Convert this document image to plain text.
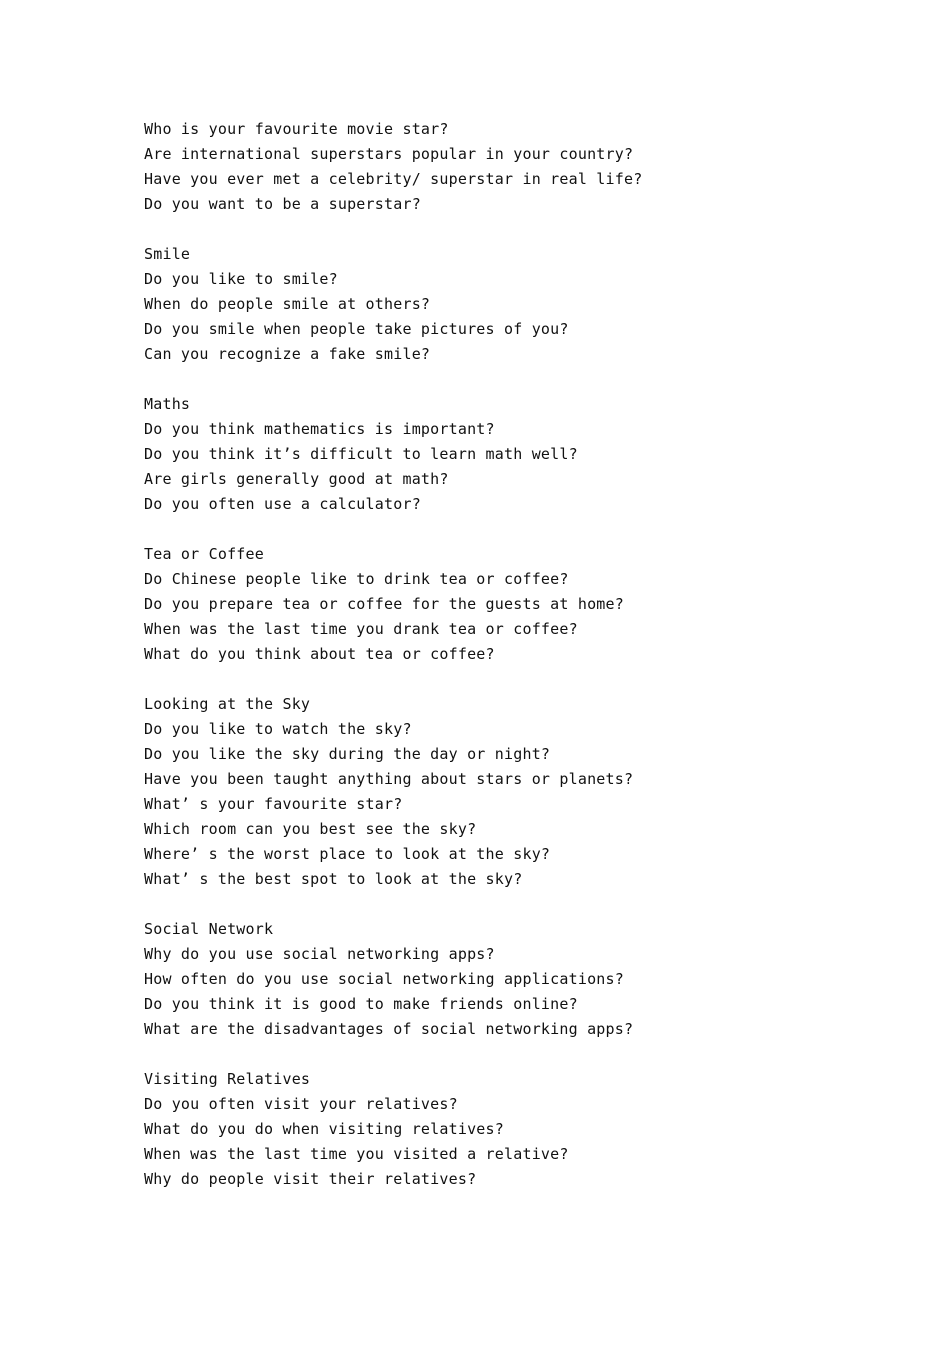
Who is your favourite movie star?
Are international superstars popular in your country?
Have you ever met a celebrity/ superstar in real life?
Do you want to be a superstar?
Smile
Do you like to smile?
When do people smile at others?
Do you smile when people take pictures of you?
Can you recognize a fake smile?
Maths
Do you think mathematics is important?
Do you think it’s difficult to learn math well?
Are girls generally good at math?
Do you often use a calculator?
Tea or Coffee
Do Chinese people like to drink tea or coffee?
Do you prepare tea or coffee for the guests at home?
When was the last time you drank tea or coffee?
What do you think about tea or coffee?
Looking at the Sky
Do you like to watch the sky?
Do you like the sky during the day or night?
Have you been taught anything about stars or planets?
What’ s your favourite star?
Which room can you best see the sky?
Where’ s the worst place to look at the sky?
What’ s the best spot to look at the sky?
Social Network
Why do you use social networking apps?
How often do you use social networking applications?
Do you think it is good to make friends online?
What are the disadvantages of social networking apps?
Visiting Relatives
Do you often visit your relatives?
What do you do when visiting relatives?
When was the last time you visited a relative?
Why do people visit their relatives?
